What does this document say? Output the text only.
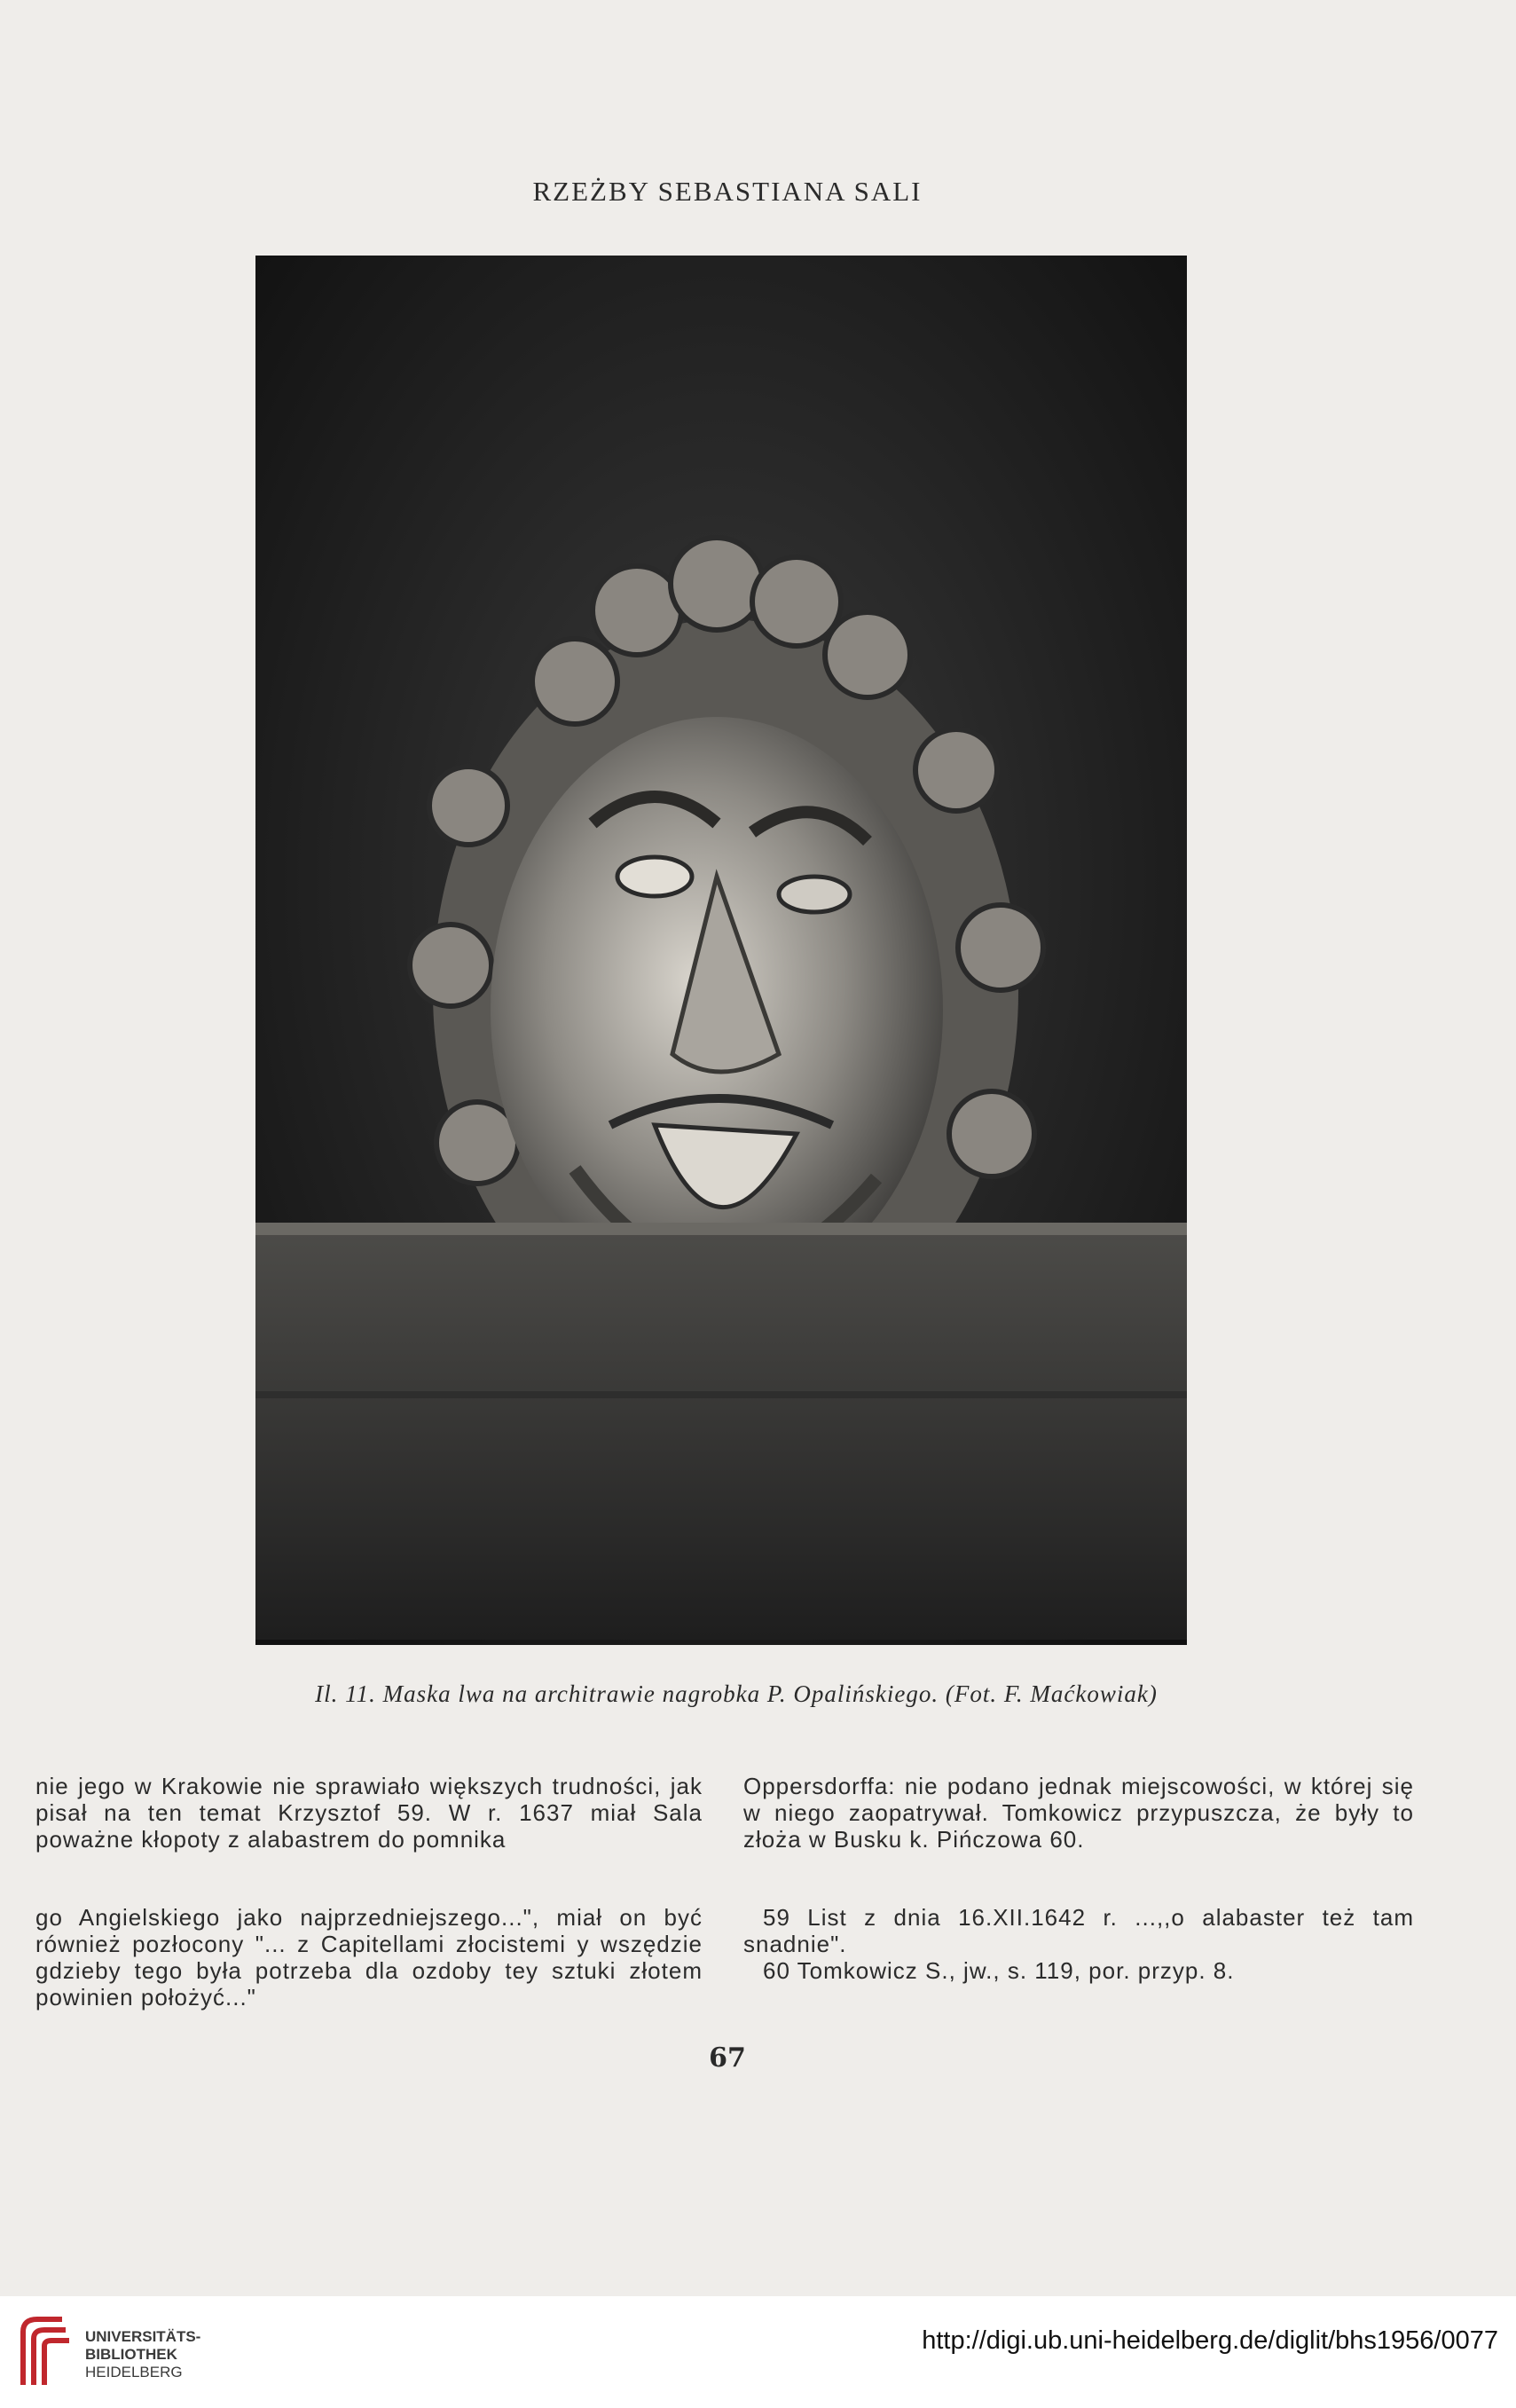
RZEŻBY SEBASTIANA SALI
Il. 11. Maska lwa na architrawie nagrobka P. Opalińskiego. (Fot. F. Maćkowiak)

nie jego w Krakowie nie sprawiało większych trudności, jak pisał na ten temat Krzysztof 59. W r. 1637 miał Sala poważne kłopoty z alabastrem do pomnika

Oppersdorffa: nie podano jednak miejscowości, w której się w niego zaopatrywał. Tomkowicz przypuszcza, że były to złoża w Busku k. Pińczowa 60.

go Angielskiego jako najprzedniejszego...", miał on być również pozłocony "... z Capitellami złocistemi y wszędzie gdzieby tego była potrzeba dla ozdoby tey sztuki złotem powinien położyć..."

59 List z dnia 16.XII.1642 r. ...,,o alabaster też tam snadnie".

60 Tomkowicz S., jw., s. 119, por. przyp. 8.

67
UNIVERSITÄTS-
BIBLIOTHEK
HEIDELBERG
http://digi.ub.uni-heidelberg.de/diglit/bhs1956/0077
